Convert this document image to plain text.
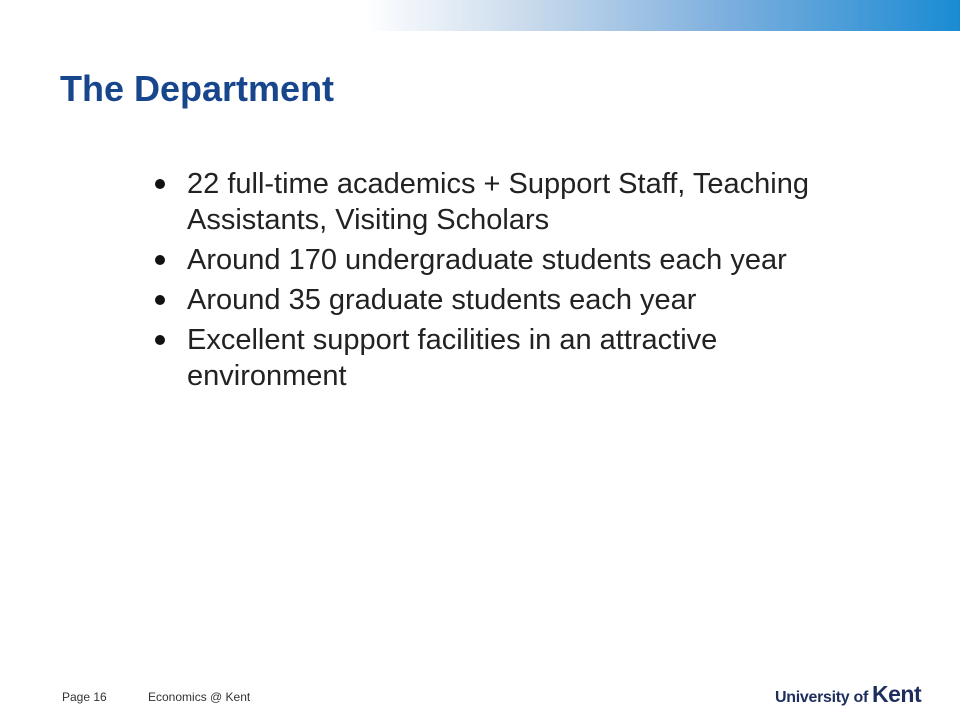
The Department
22 full-time academics + Support Staff, Teaching Assistants, Visiting Scholars
Around 170 undergraduate students each year
Around 35 graduate students each year
Excellent support facilities in an attractive environment
Page 16	Economics @ Kent	University of Kent
